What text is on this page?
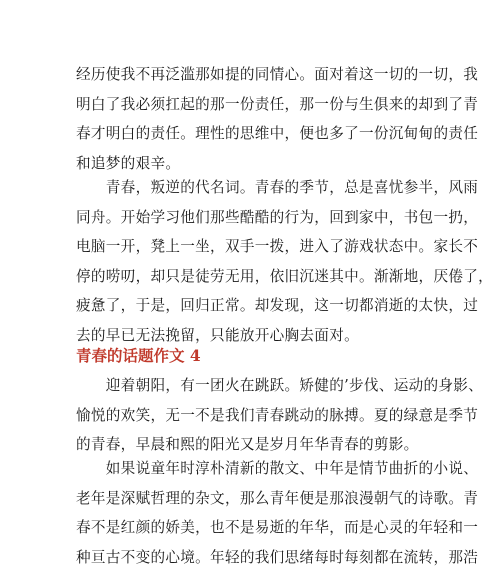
经历使我不再泛滥那如提的同情心。面对着这一切的一切，我
明白了我必须扛起的那一份责任，那一份与生俱来的却到了青
春才明白的责任。理性的思维中，便也多了一份沉甸甸的责任
和追梦的艰辛。
　　青春，叛逆的代名词。青春的季节，总是喜忧参半，风雨
同舟。开始学习他们那些酷酷的行为，回到家中，书包一扔，
电脑一开，凳上一坐，双手一拨，进入了游戏状态中。家长不
停的唠叨，却只是徒劳无用，依旧沉迷其中。渐渐地，厌倦了，
疲惫了，于是，回归正常。却发现，这一切都消逝的太快，过
去的早已无法挽留，只能放开心胸去面对。
青春的话题作文 4
　　迎着朝阳，有一团火在跳跃。矫健的’步伐、运动的身影、
愉悦的欢笑，无一不是我们青春跳动的脉搏。夏的绿意是季节
的青春，早晨和熙的阳光又是岁月年华青春的剪影。
　　如果说童年时淳朴清新的散文、中年是情节曲折的小说、
老年是深赋哲理的杂文，那么青年便是那浪漫朝气的诗歌。青
春不是红颜的娇美，也不是易逝的年华，而是心灵的年轻和一
种亘古不变的心境。年轻的我们思绪每时每刻都在流转，那浩
